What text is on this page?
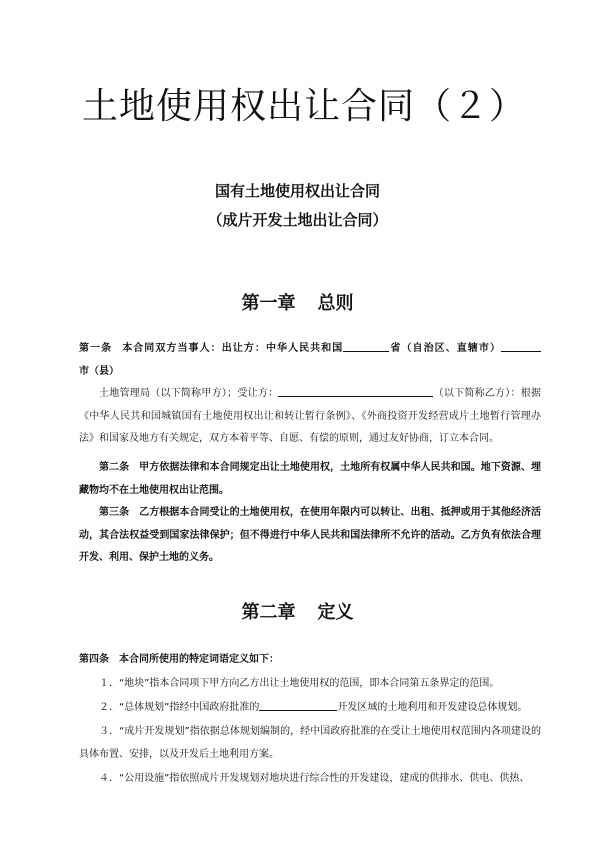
土地使用权出让合同（２）

国有土地使用权出让合同

（成片开发土地出让合同）

第一章 总则

第一条 本合同双方当事人：出让方：中华人民共和国	省（自治区、直辖市）市（县）

土地管理局（以下简称甲方）；受让方：	（以下简称乙方）：根据《中华人民共和国城镇国有土地使用权出让和转让暂行条例》、《外商投资开发经营成片土地暂行管理办法》和国家及地方有关规定，双方本着平等、自愿、有偿的原则，通过友好协商，订立本合同。

第二条 甲方依据法律和本合同规定出让土地使用权，土地所有权属中华人民共和国。地下资源、埋藏物均不在土地使用权出让范围。

第三条 乙方根据本合同受让的土地使用权，在使用年限内可以转让、出租、抵押或用于其他经济活动，其合法权益受到国家法律保护；但不得进行中华人民共和国法律所不允许的活动。乙方负有依法合理开发、利用、保护土地的义务。

第二章 定义

第四条 本合同所使用的特定词语定义如下：

１．“地块”指本合同项下甲方向乙方出让土地使用权的范围，即本合同第五条界定的范围。

２．“总体规划”指经中国政府批准的	开发区域的土地利用和开发建设总体规划。

３．“成片开发规划”指依据总体规划编制的，经中国政府批准的在受让土地使用权范围内各项建设的具体布置、安排，以及开发后土地利用方案。

４．“公用设施”指依照成片开发规划对地块进行综合性的开发建设，建成的供排水、供电、供热、
